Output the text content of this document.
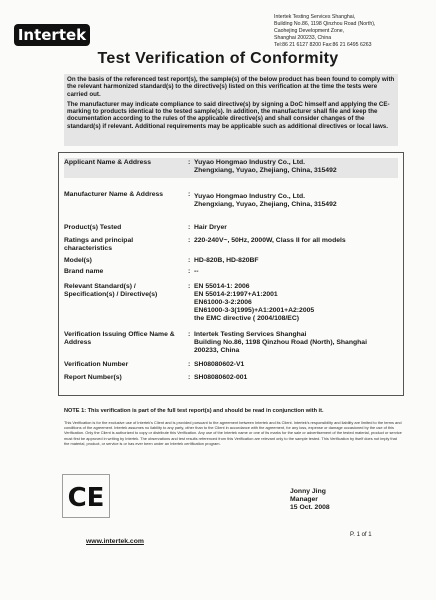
Intertek
Intertek Testing Services Shanghai,
Building No.86, 1198 Qinzhou Road (North),
Caohejing Development Zone,
Shanghai 200233, China
Tel:86 21 6127 8200 Fax:86 21 6495 6263
Test Verification of Conformity

On the basis of the referenced test report(s), the sample(s) of the below product has been found to comply with the relevant harmonized standard(s) to the directive(s) listed on this verification at the time the tests were carried out.

The manufacturer may indicate compliance to said directive(s) by signing a DoC himself and applying the CE-marking to products identical to the tested sample(s). In addition, the manufacturer shall file and keep the documentation according to the rules of the applicable directive(s) and shall consider changes of the standard(s) if relevant. Additional requirements may be applicable such as additional directives or local laws.

Applicant Name & Address	: Yuyao Hongmao Industry Co., Ltd.
Zhengxiang, Yuyao, Zhejiang, China, 315492
Manufacturer Name & Address	: Yuyao Hongmao Industry Co., Ltd.
Zhengxiang, Yuyao, Zhejiang, China, 315492
Product(s) Tested	: Hair Dryer
Ratings and principal characteristics
: 220-240V~, 50Hz, 2000W, Class II for all models
Model(s)	: HD-820B, HD-820BF
Brand name	: --
Relevant Standard(s) / Specification(s) / Directive(s)
: EN 55014-1: 2006
EN 55014-2:1997+A1:2001
EN61000-3-2:2006
EN61000-3-3(1995)+A1:2001+A2:2005
the EMC directive ( 2004/108/EC)
Verification Issuing Office Name & Address
: Intertek Testing Services Shanghai
Building No.86, 1198 Qinzhou Road (North), Shanghai
200233, China
Verification Number	: SH08080602-V1
Report Number(s)	: SH08080602-001
NOTE 1: This verification is part of the full test report(s) and should be read in conjunction with it.
This Verification is for the exclusive use of Intertek's Client and is provided pursuant to the agreement between Intertek and its Client. Intertek's responsibility and liability are limited to the terms and conditions of the agreement. Intertek assumes no liability to any party, other than to the Client in accordance with the agreement, for any loss, expense or damage occasioned by the use of this Verification. Only the Client is authorized to copy or distribute this Verification. Any use of the Intertek name or one of its marks for the sale or advertisement of the tested material, product or service must first be approved in writing by Intertek. The observations and test results referenced from this Verification are relevant only to the sample tested. This Verification by itself does not imply that the material, product, or service is or has ever been under an Intertek certification program.
CE	Jonny Jing
Manager
15 Oct. 2008
www.intertek.com
P. 1 of 1
